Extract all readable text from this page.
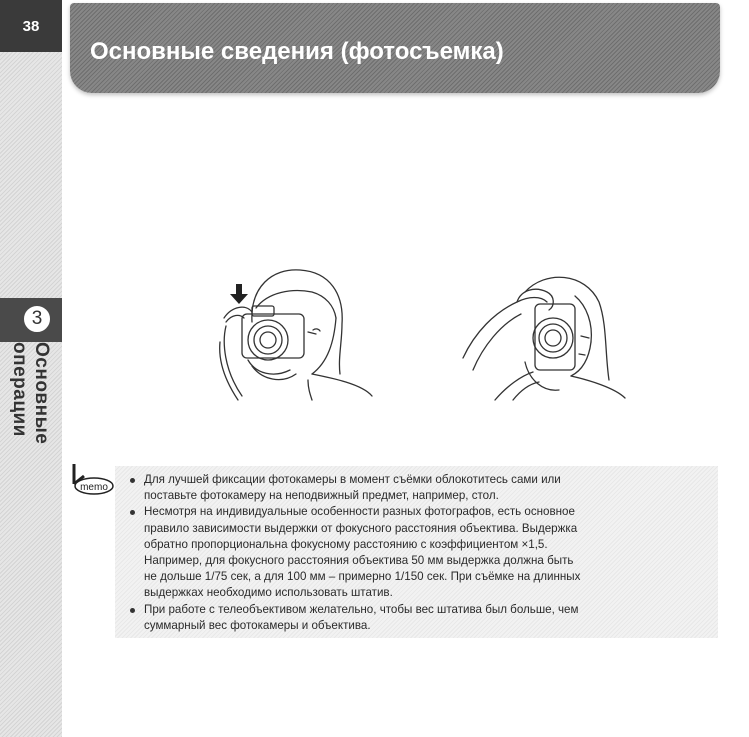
38
3
Основные операции
Основные сведения (фотосъемка)
memo
Для лучшей фиксации фотокамеры в момент съёмки облокотитесь сами или
поставьте фотокамеру на неподвижный предмет, например, стол.
Несмотря на индивидуальные особенности разных фотографов, есть основное
правило зависимости выдержки от фокусного расстояния объектива. Выдержка
обратно пропорциональна фокусному расстоянию с коэффициентом ×1,5.
Например, для фокусного расстояния объектива 50 мм выдержка должна быть
не дольше 1/75 сек, а для 100 мм – примерно 1/150 сек. При съёмке на длинных
выдержках необходимо использовать штатив.
При работе с телеобъективом желательно, чтобы вес штатива был больше, чем
суммарный вес фотокамеры и объектива.
